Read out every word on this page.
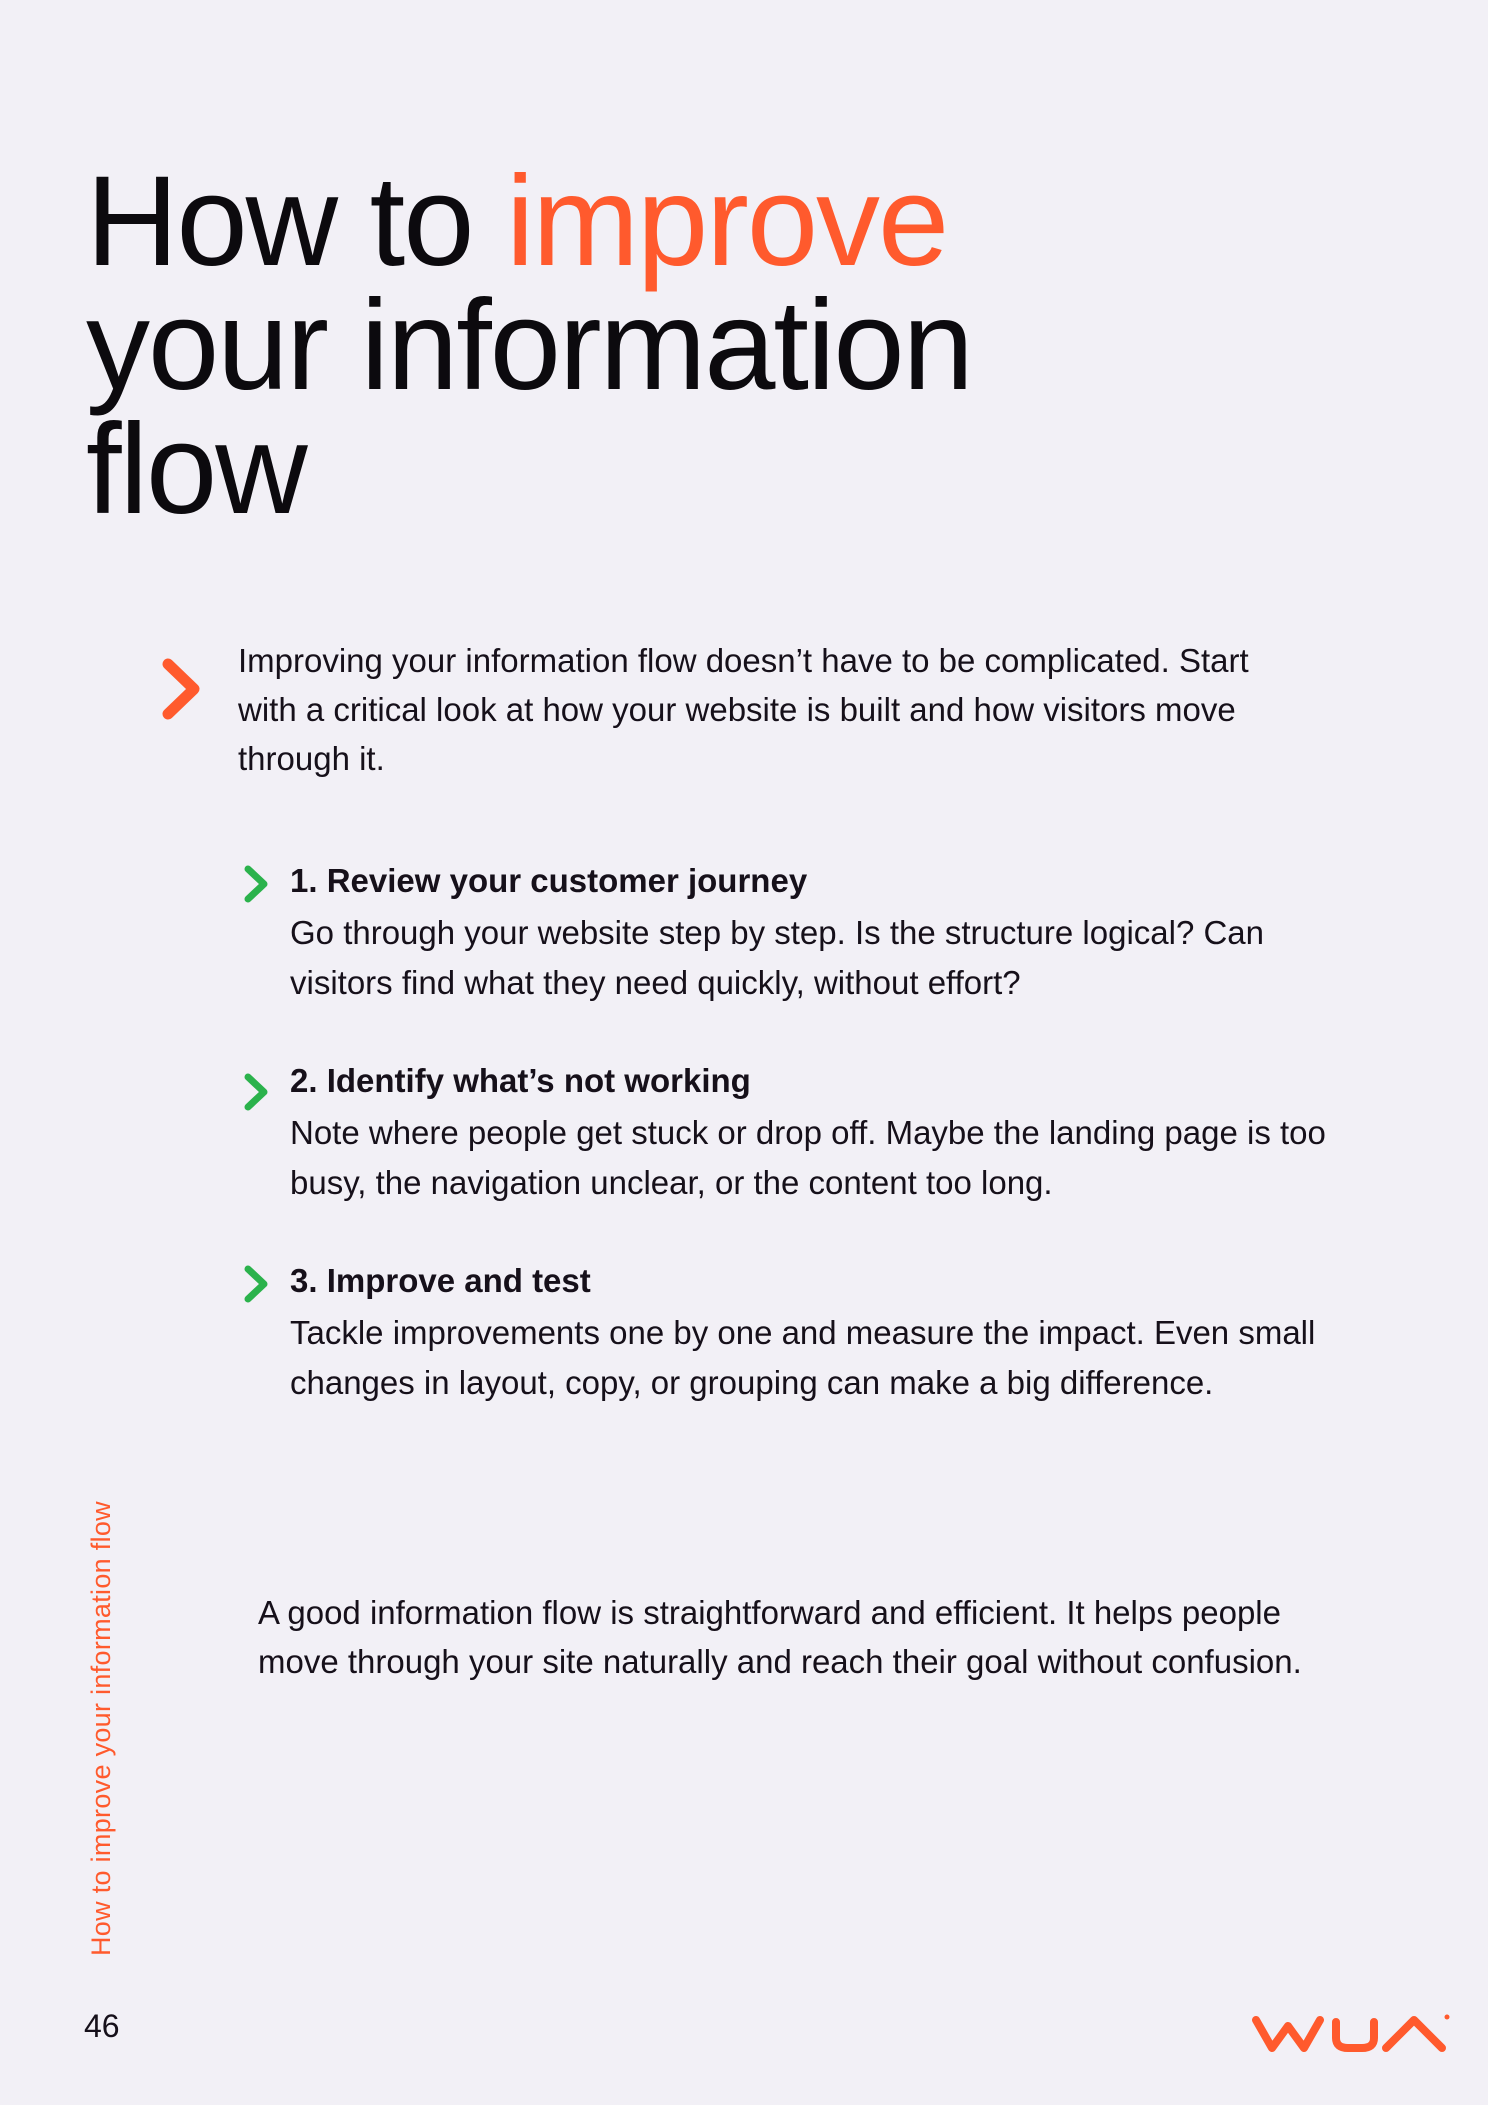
How to improve
your information
flow

Improving your information flow doesn’t have to be complicated. Start with a critical look at how your website is built and how visitors move through it.

1. Review your customer journey

Go through your website step by step. Is the structure logical? Can visitors find what they need quickly, without effort?

2. Identify what’s not working

Note where people get stuck or drop off. Maybe the landing page is too busy, the navigation unclear, or the content too long.

3. Improve and test

Tackle improvements one by one and measure the impact. Even small changes in layout, copy, or grouping can make a big difference.

A good information flow is straightforward and efficient. It helps people move through your site naturally and reach their goal without confusion.

How to improve your information flow
46
